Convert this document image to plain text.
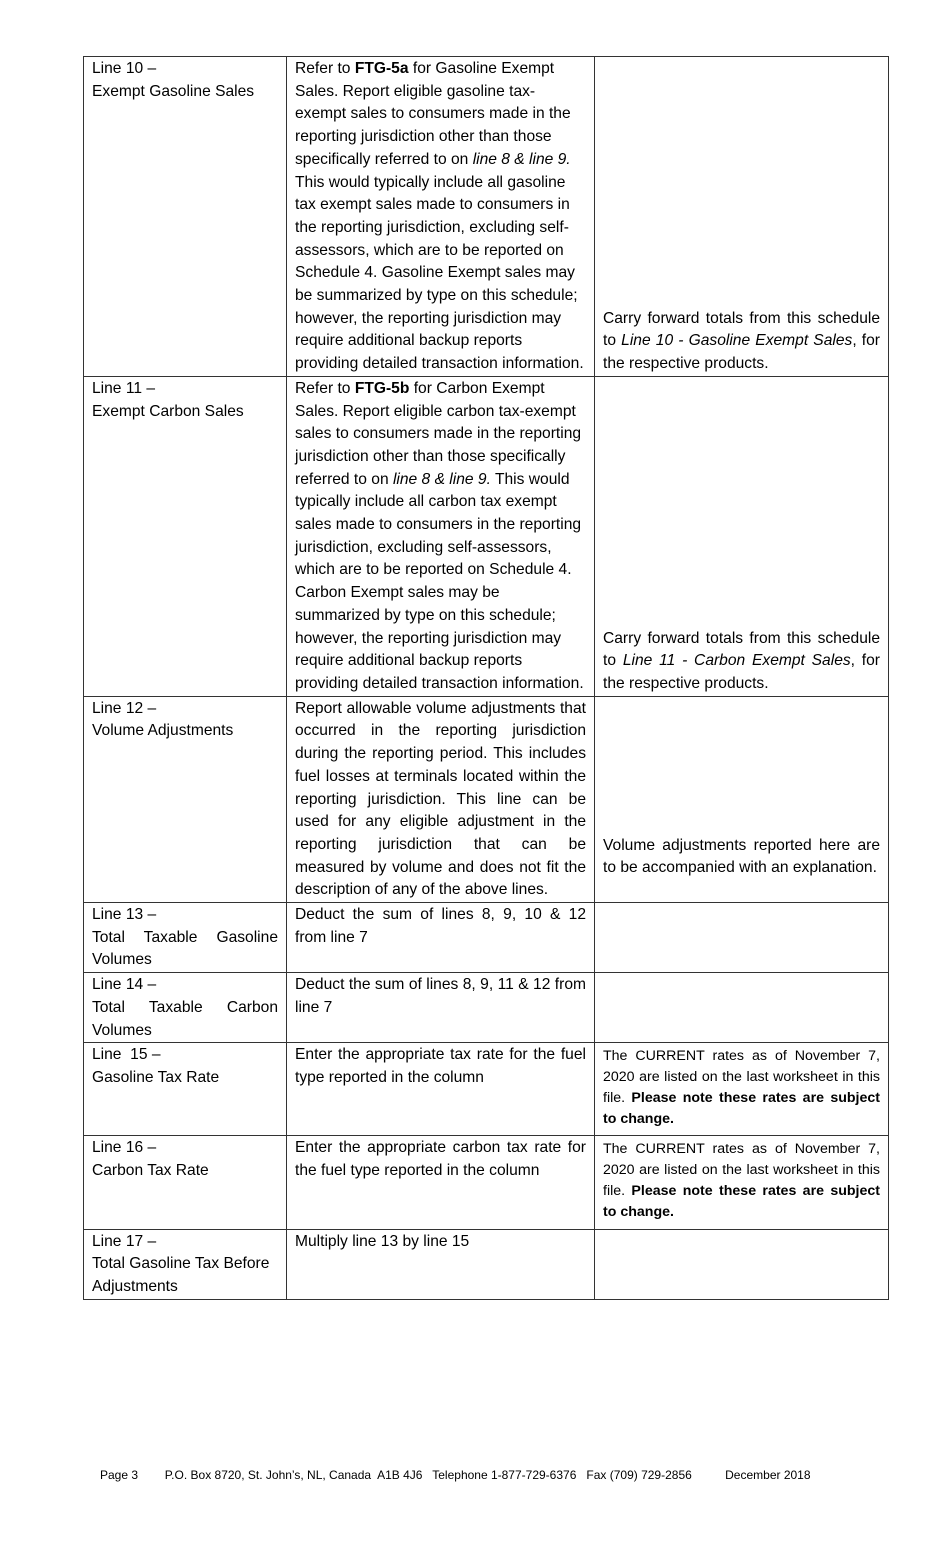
Line 10 –
Exempt Gasoline Sales	Refer to FTG-5a for Gasoline Exempt Sales. Report eligible gasoline tax-exempt sales to consumers made in the reporting jurisdiction other than those specifically referred to on line 8 & line 9. This would typically include all gasoline tax exempt sales made to consumers in the reporting jurisdiction, excluding self-assessors, which are to be reported on Schedule 4. Gasoline Exempt sales may be summarized by type on this schedule; however, the reporting jurisdiction may require additional backup reports providing detailed transaction information.	Carry forward totals from this schedule to Line 10 - Gasoline Exempt Sales, for the respective products.

Line 11 –
Exempt Carbon Sales	Refer to FTG-5b for Carbon Exempt Sales. Report eligible carbon tax-exempt sales to consumers made in the reporting jurisdiction other than those specifically referred to on line 8 & line 9. This would typically include all carbon tax exempt sales made to consumers in the reporting jurisdiction, excluding self-assessors, which are to be reported on Schedule 4. Carbon Exempt sales may be summarized by type on this schedule; however, the reporting jurisdiction may require additional backup reports providing detailed transaction information.	Carry forward totals from this schedule to Line 11 - Carbon Exempt Sales, for the respective products.

Line 12 –
Volume Adjustments	Report allowable volume adjustments that occurred in the reporting jurisdiction during the reporting period. This includes fuel losses at terminals located within the reporting jurisdiction. This line can be used for any eligible adjustment in the reporting jurisdiction that can be measured by volume and does not fit the description of any of the above lines.	Volume adjustments reported here are to be accompanied with an explanation.

Line 13 –
Total Taxable Gasoline Volumes	Deduct the sum of lines 8, 9, 10 & 12 from line 7	

Line 14 –
Total Taxable Carbon Volumes	Deduct the sum of lines 8, 9, 11 & 12 from line 7	

Line  15 –
Gasoline Tax Rate	Enter the appropriate tax rate for the fuel type reported in the column	The CURRENT rates as of November 7, 2020 are listed on the last worksheet in this file. Please note these rates are subject to change.

Line 16 –
Carbon Tax Rate	Enter the appropriate carbon tax rate for the fuel type reported in the column	The CURRENT rates as of November 7, 2020 are listed on the last worksheet in this file. Please note these rates are subject to change.

Line 17 –
Total Gasoline Tax Before Adjustments	Multiply line 13 by line 15	
Page 3 P.O. Box 8720, St. John’s, NL, Canada  A1B 4J6 Telephone 1-877-729-6376 Fax (709) 729-2856	December 2018
